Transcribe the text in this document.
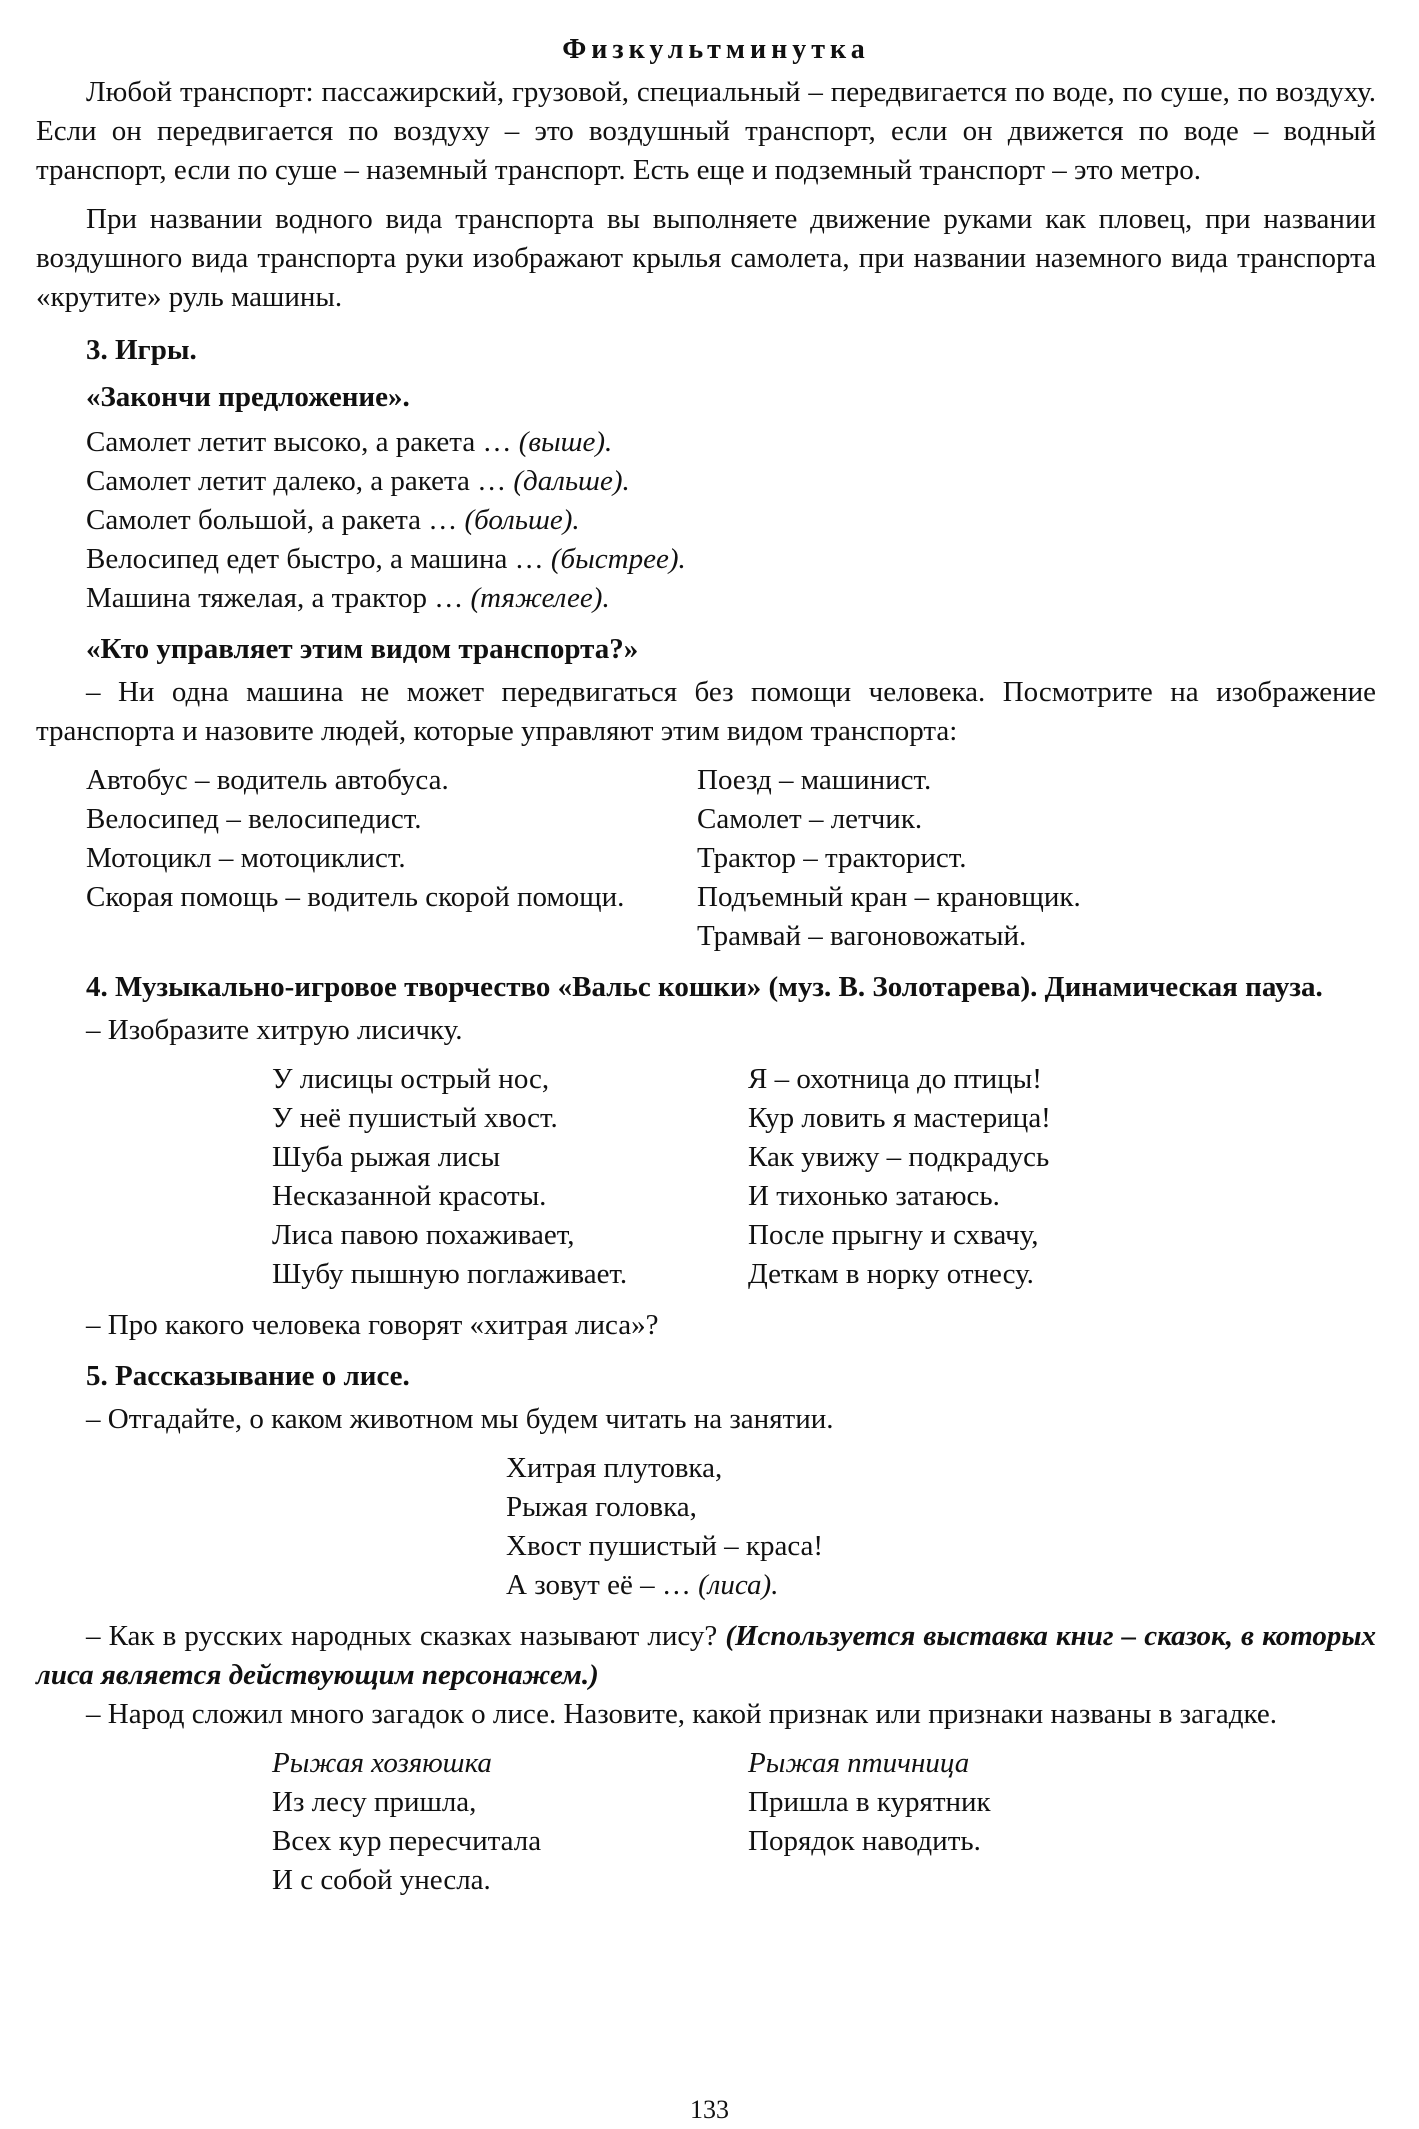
Физкультминутка

Любой транспорт: пассажирский, грузовой, специальный – передвигается по воде, по суше, по воздуху. Если он передвигается по воздуху – это воздушный транспорт, если он движется по воде – водный транспорт, если по суше – наземный транспорт. Есть еще и подземный транспорт – это метро.

При названии водного вида транспорта вы выполняете движение руками как пловец, при названии воздушного вида транспорта руки изображают крылья самолета, при названии наземного вида транспорта «крутите» руль машины.

3. Игры.

«Закончи предложение».

Самолет летит высоко, а ракета … (выше).

Самолет летит далеко, а ракета … (дальше).

Самолет большой, а ракета … (больше).

Велосипед едет быстро, а машина … (быстрее).

Машина тяжелая, а трактор … (тяжелее).

«Кто управляет этим видом транспорта?»

– Ни одна машина не может передвигаться без помощи человека. Посмотрите на изображение транспорта и назовите людей, которые управляют этим видом транспорта:

Автобус – водитель автобуса.

Велосипед – велосипедист.

Мотоцикл – мотоциклист.

Скорая помощь – водитель скорой помощи.

Поезд – машинист.

Самолет – летчик.

Трактор – тракторист.

Подъемный кран – крановщик.

Трамвай – вагоновожатый.

4. Музыкально-игровое творчество «Вальс кошки» (муз. В. Золотарева). Динамическая пауза.

– Изобразите хитрую лисичку.

У лисицы острый нос,

У неё пушистый хвост.

Шуба рыжая лисы

Несказанной красоты.

Лиса павою похаживает,

Шубу пышную поглаживает.

Я – охотница до птицы!

Кур ловить я мастерица!

Как увижу – подкрадусь

И тихонько затаюсь.

После прыгну и схвачу,

Деткам в норку отнесу.

– Про какого человека говорят «хитрая лиса»?

5. Рассказывание о лисе.

– Отгадайте, о каком животном мы будем читать на занятии.

Хитрая плутовка,

Рыжая головка,

Хвост пушистый – краса!

А зовут её – … (лиса).

– Как в русских народных сказках называют лису? (Используется выставка книг – сказок, в которых лиса является действующим персонажем.)

– Народ сложил много загадок о лисе. Назовите, какой признак или признаки названы в загадке.

Рыжая хозяюшка

Из лесу пришла,

Всех кур пересчитала

И с собой унесла.

Рыжая птичница

Пришла в курятник

Порядок наводить.

133
